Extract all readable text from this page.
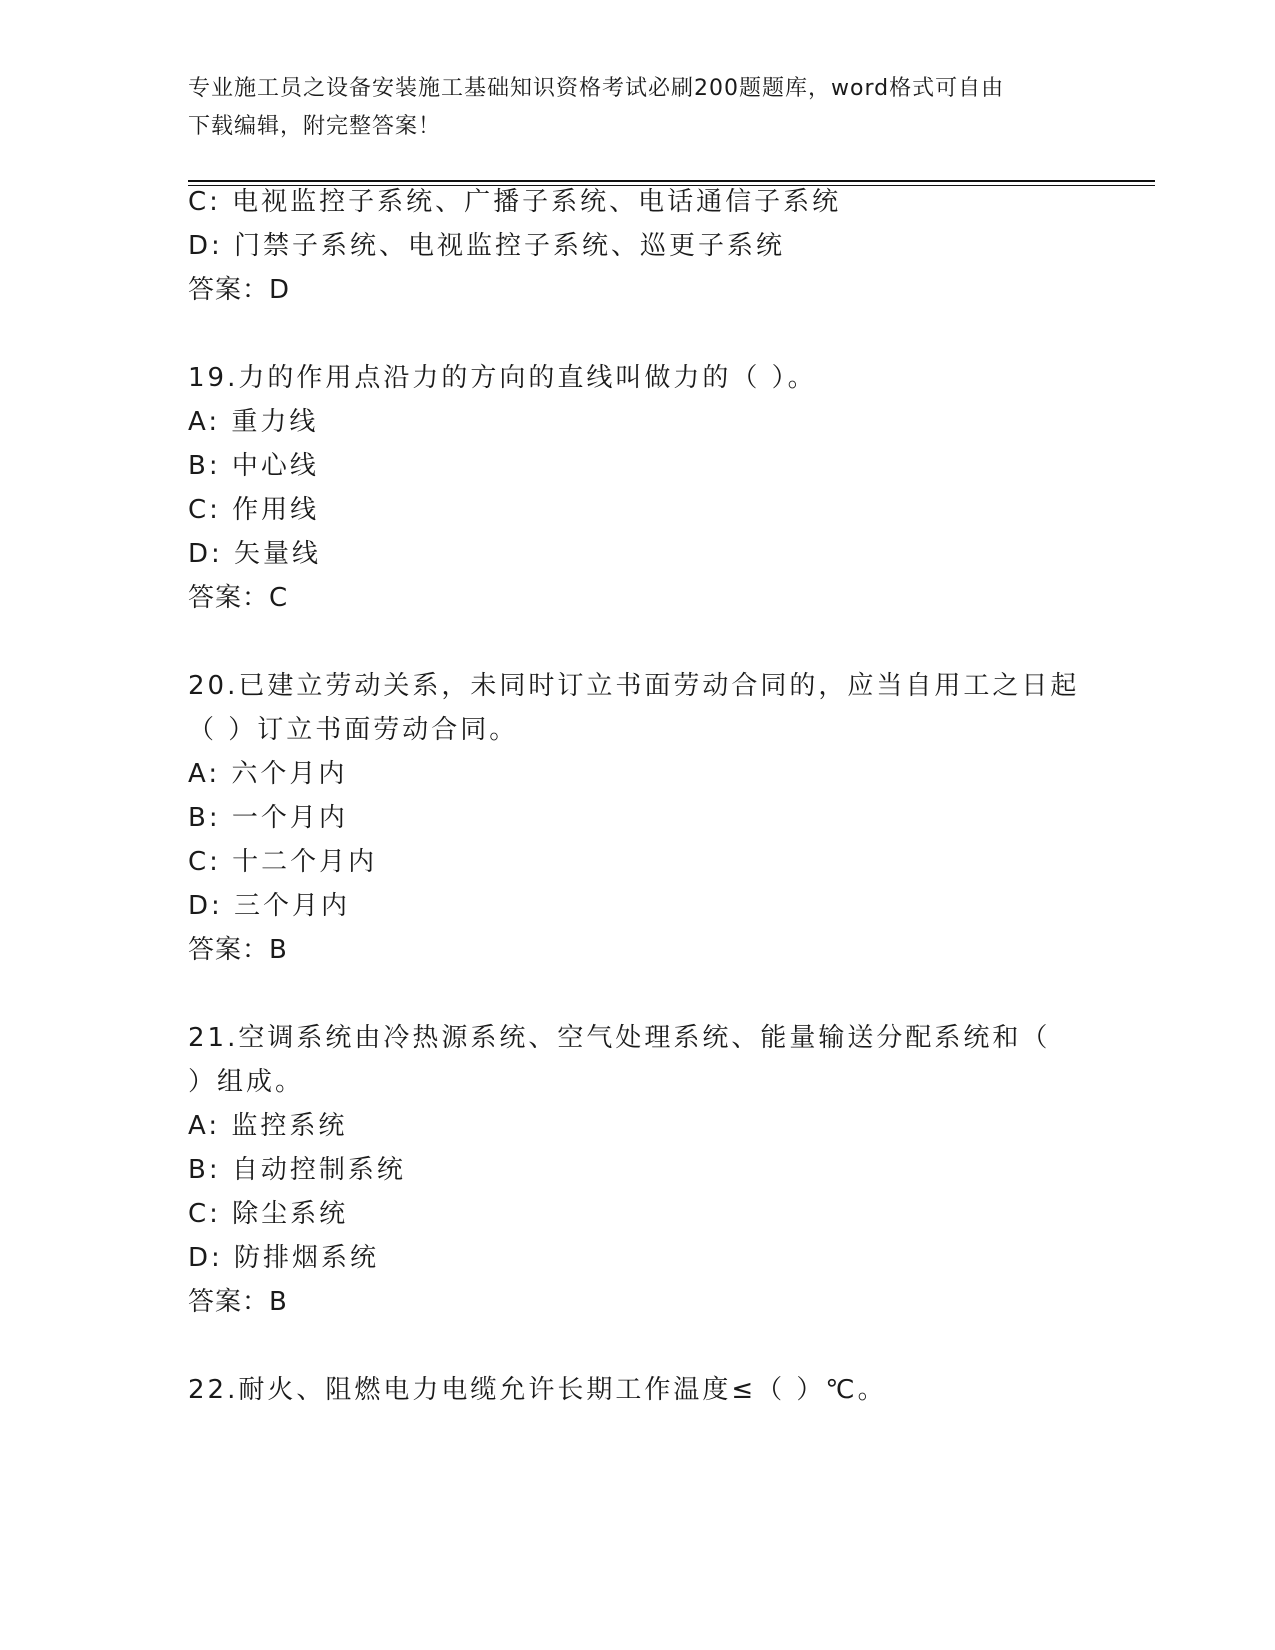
专业施工员之设备安装施工基础知识资格考试必刷200题题库，word格式可自由
下载编辑，附完整答案！
C: 电视监控子系统、广播子系统、电话通信子系统
D: 门禁子系统、电视监控子系统、巡更子系统
答案：D
19.力的作用点沿力的方向的直线叫做力的（ ）。
A: 重力线
B: 中心线
C: 作用线
D: 矢量线
答案：C
20.已建立劳动关系，未同时订立书面劳动合同的，应当自用工之日起
（ ）订立书面劳动合同。
A: 六个月内
B: 一个月内
C: 十二个月内
D: 三个月内
答案：B
21.空调系统由冷热源系统、空气处理系统、能量输送分配系统和（
）组成。
A: 监控系统
B: 自动控制系统
C: 除尘系统
D: 防排烟系统
答案：B
22.耐火、阻燃电力电缆允许长期工作温度≤（ ）℃。
